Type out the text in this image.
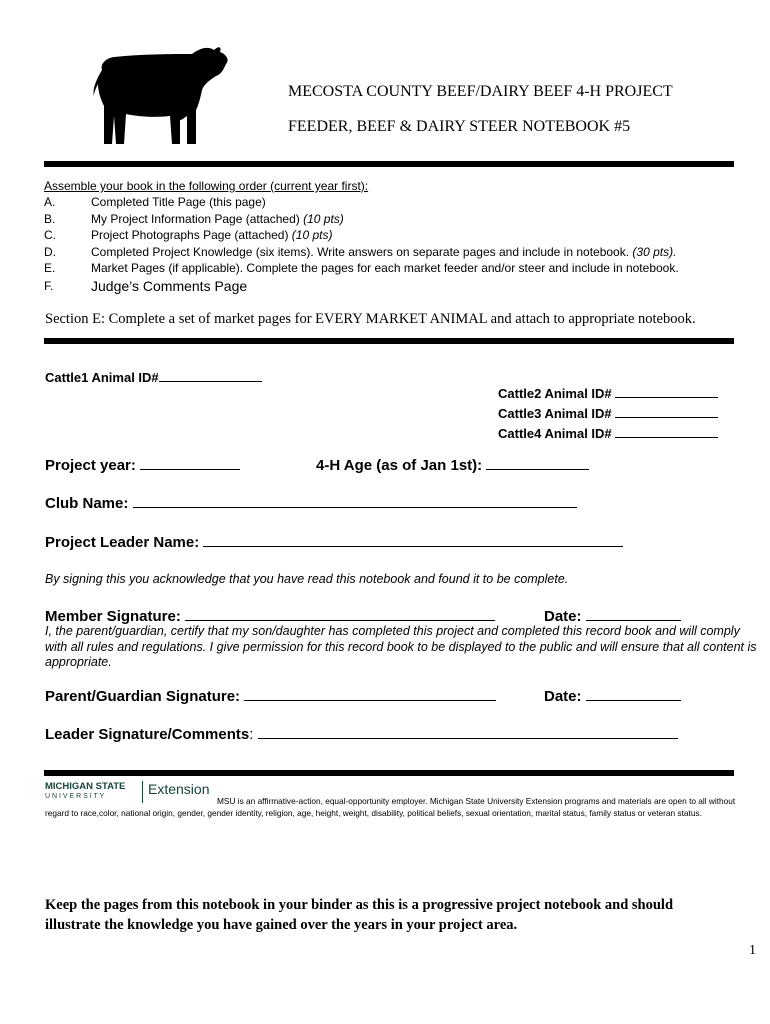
MECOSTA COUNTY BEEF/DAIRY BEEF 4-H PROJECT
FEEDER, BEEF & DAIRY STEER NOTEBOOK #5
Assemble your book in the following order (current year first):
A.	Completed Title Page (this page)
B.	My Project Information Page (attached) (10 pts)
C.	Project Photographs Page (attached) (10 pts)
D.	Completed Project Knowledge (six items). Write answers on separate pages and include in notebook. (30 pts).
E.	Market Pages (if applicable). Complete the pages for each market feeder and/or steer and include in notebook.
F.	Judge’s Comments Page
Section E: Complete a set of market pages for EVERY MARKET ANIMAL and attach to appropriate notebook.
Cattle1 Animal ID#
Cattle2 Animal ID#
Cattle3 Animal ID#
Cattle4 Animal ID#
Project year:	4-H Age (as of Jan 1st):
Club Name:
Project Leader Name:
By signing this you acknowledge that you have read this notebook and found it to be complete.
Member Signature:	Date:
I, the parent/guardian, certify that my son/daughter has completed this project and completed this record book and will comply with all rules and regulations. I give permission for this record book to be displayed to the public and will ensure that all content is appropriate.
Parent/Guardian Signature:	Date:
Leader Signature/Comments:
MICHIGAN STATE
U N I V E R S I T Y	Extension
MSU is an affirmative-action, equal-opportunity employer. Michigan State University Extension programs and materials are open to all without
regard to race,color, national origin, gender, gender identity, religion, age, height, weight, disability, political beliefs, sexual orientation, marital status, family status or veteran status.
Keep the pages from this notebook in your binder as this is a progressive project notebook and should illustrate the knowledge you have gained over the years in your project area.
1
